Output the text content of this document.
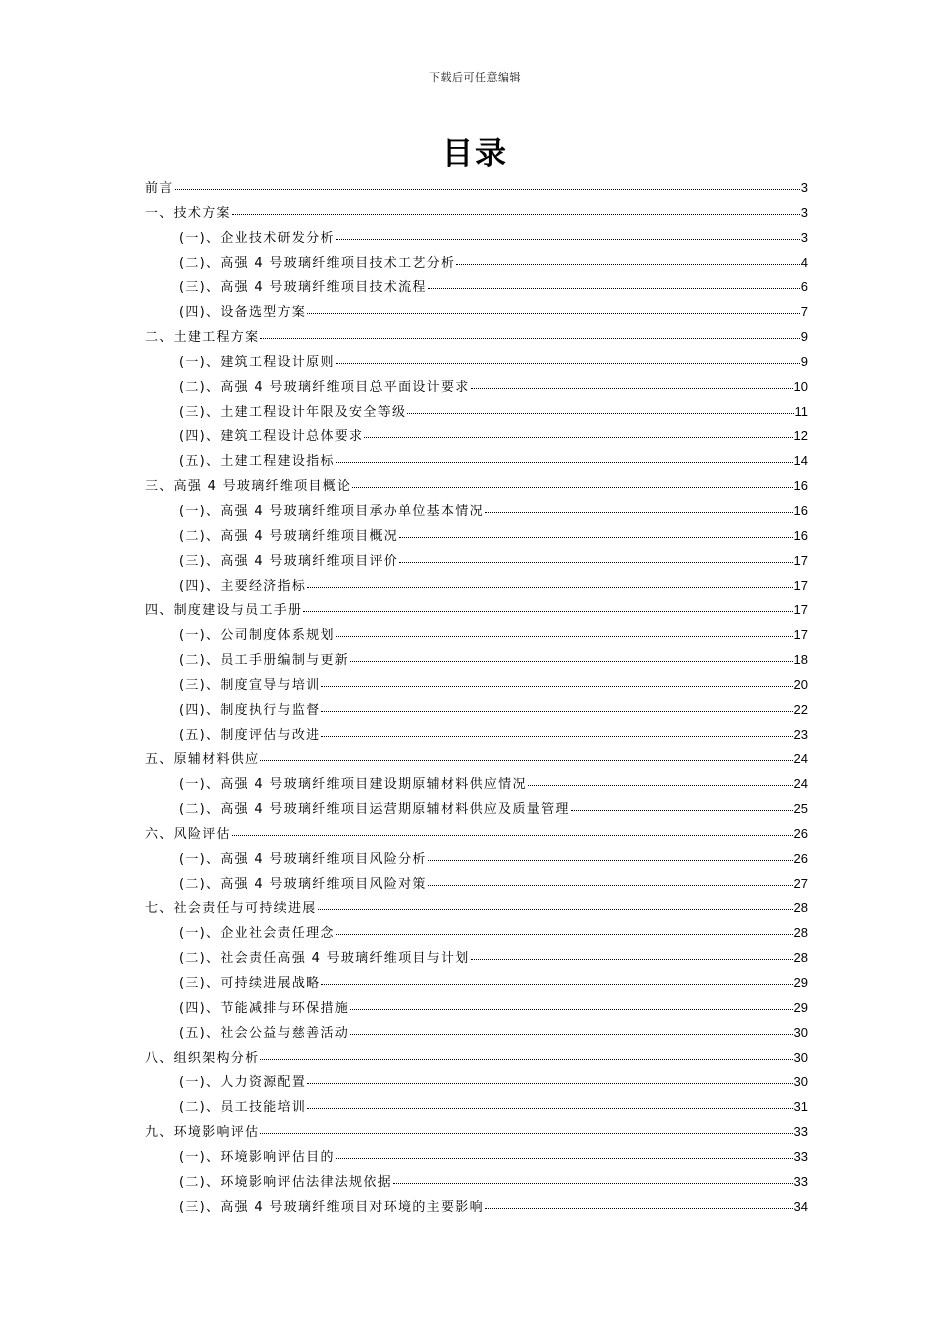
下载后可任意编辑
目录
前言	3
一、技术方案	3
(一)、企业技术研发分析	3
(二)、高强 4 号玻璃纤维项目技术工艺分析	4
(三)、高强 4 号玻璃纤维项目技术流程	6
(四)、设备选型方案	7
二、土建工程方案	9
(一)、建筑工程设计原则	9
(二)、高强 4 号玻璃纤维项目总平面设计要求	10
(三)、土建工程设计年限及安全等级	11
(四)、建筑工程设计总体要求	12
(五)、土建工程建设指标	14
三、高强 4 号玻璃纤维项目概论	16
(一)、高强 4 号玻璃纤维项目承办单位基本情况	16
(二)、高强 4 号玻璃纤维项目概况	16
(三)、高强 4 号玻璃纤维项目评价	17
(四)、主要经济指标	17
四、制度建设与员工手册	17
(一)、公司制度体系规划	17
(二)、员工手册编制与更新	18
(三)、制度宣导与培训	20
(四)、制度执行与监督	22
(五)、制度评估与改进	23
五、原辅材料供应	24
(一)、高强 4 号玻璃纤维项目建设期原辅材料供应情况	24
(二)、高强 4 号玻璃纤维项目运营期原辅材料供应及质量管理	25
六、风险评估	26
(一)、高强 4 号玻璃纤维项目风险分析	26
(二)、高强 4 号玻璃纤维项目风险对策	27
七、社会责任与可持续进展	28
(一)、企业社会责任理念	28
(二)、社会责任高强 4 号玻璃纤维项目与计划	28
(三)、可持续进展战略	29
(四)、节能减排与环保措施	29
(五)、社会公益与慈善活动	30
八、组织架构分析	30
(一)、人力资源配置	30
(二)、员工技能培训	31
九、环境影响评估	33
(一)、环境影响评估目的	33
(二)、环境影响评估法律法规依据	33
(三)、高强 4 号玻璃纤维项目对环境的主要影响	34
